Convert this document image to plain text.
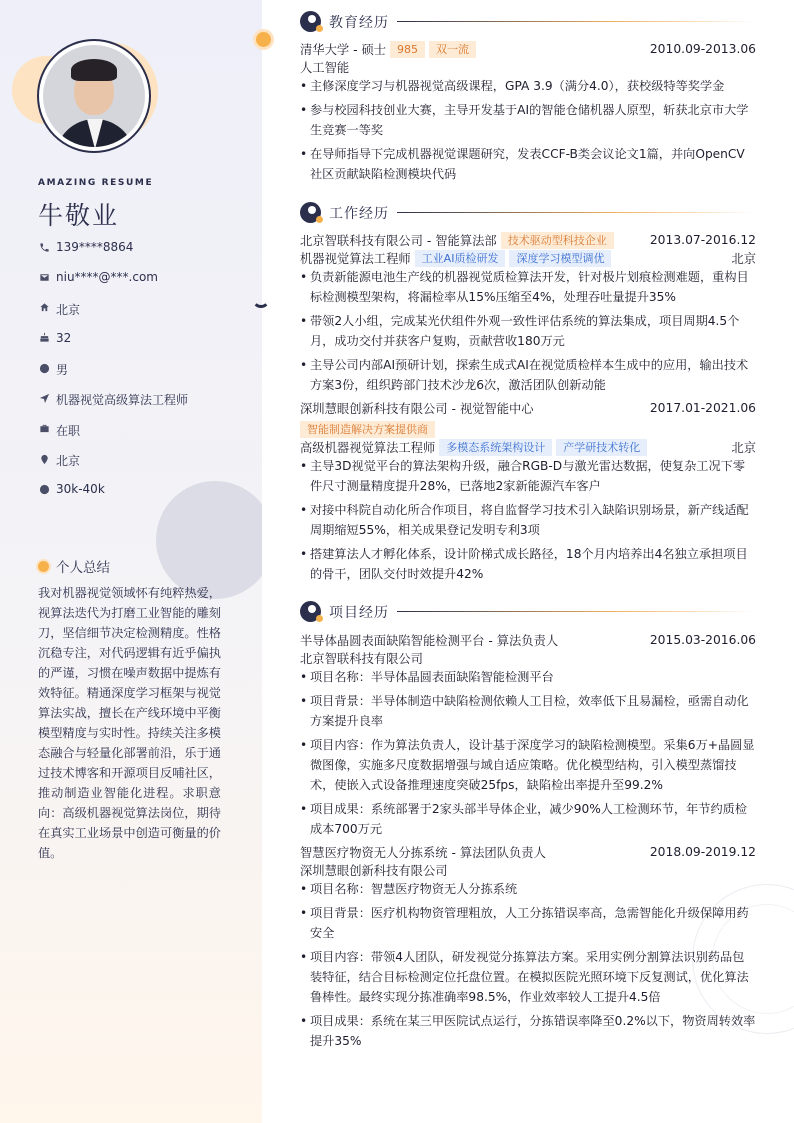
AMAZING RESUME
牛敬业
139****8864
niu****@***.com
北京
32
男
机器视觉高级算法工程师
在职
北京
30k-40k
个人总结
我对机器视觉领域怀有纯粹热爱，视算法迭代为打磨工业智能的雕刻刀，坚信细节决定检测精度。性格沉稳专注，对代码逻辑有近乎偏执的严谨，习惯在噪声数据中提炼有效特征。精通深度学习框架与视觉算法实战，擅长在产线环境中平衡模型精度与实时性。持续关注多模态融合与轻量化部署前沿，乐于通过技术博客和开源项目反哺社区，推动制造业智能化进程。求职意向：高级机器视觉算法岗位，期待在真实工业场景中创造可衡量的价值。
教育经历
清华大学 - 硕士	985	双一流	2010.09-2013.06
人工智能
• 主修深度学习与机器视觉高级课程，GPA 3.9（满分4.0），获校级特等奖学金
• 参与校园科技创业大赛，主导开发基于AI的智能仓储机器人原型，斩获北京市大学生竞赛一等奖
• 在导师指导下完成机器视觉课题研究，发表CCF-B类会议论文1篇，并向OpenCV社区贡献缺陷检测模块代码
工作经历
北京智联科技有限公司 - 智能算法部	技术驱动型科技企业	2013.07-2016.12
机器视觉算法工程师	工业AI质检研发	深度学习模型调优	北京
• 负责新能源电池生产线的机器视觉质检算法开发，针对极片划痕检测难题，重构目标检测模型架构，将漏检率从15%压缩至4%，处理吞吐量提升35%
• 带领2人小组，完成某光伏组件外观一致性评估系统的算法集成，项目周期4.5个月，成功交付并获客户复购，贡献营收180万元
• 主导公司内部AI预研计划，探索生成式AI在视觉质检样本生成中的应用，输出技术方案3份，组织跨部门技术沙龙6次，激活团队创新动能
深圳慧眼创新科技有限公司 - 视觉智能中心	2017.01-2021.06
智能制造解决方案提供商
高级机器视觉算法工程师	多模态系统架构设计	产学研技术转化	北京
• 主导3D视觉平台的算法架构升级，融合RGB-D与激光雷达数据，使复杂工况下零件尺寸测量精度提升28%，已落地2家新能源汽车客户
• 对接中科院自动化所合作项目，将自监督学习技术引入缺陷识别场景，新产线适配周期缩短55%，相关成果登记发明专利3项
• 搭建算法人才孵化体系，设计阶梯式成长路径，18个月内培养出4名独立承担项目的骨干，团队交付时效提升42%
项目经历
半导体晶圆表面缺陷智能检测平台 - 算法负责人	2015.03-2016.06
北京智联科技有限公司
• 项目名称：半导体晶圆表面缺陷智能检测平台
• 项目背景：半导体制造中缺陷检测依赖人工目检，效率低下且易漏检，亟需自动化方案提升良率
• 项目内容：作为算法负责人，设计基于深度学习的缺陷检测模型。采集6万+晶圆显微图像，实施多尺度数据增强与域自适应策略。优化模型结构，引入模型蒸馏技术，使嵌入式设备推理速度突破25fps，缺陷检出率提升至99.2%
• 项目成果：系统部署于2家头部半导体企业，减少90%人工检测环节，年节约质检成本700万元
智慧医疗物资无人分拣系统 - 算法团队负责人	2018.09-2019.12
深圳慧眼创新科技有限公司
• 项目名称：智慧医疗物资无人分拣系统
• 项目背景：医疗机构物资管理粗放，人工分拣错误率高，急需智能化升级保障用药安全
• 项目内容：带领4人团队，研发视觉分拣算法方案。采用实例分割算法识别药品包装特征，结合目标检测定位托盘位置。在模拟医院光照环境下反复测试，优化算法鲁棒性。最终实现分拣准确率98.5%，作业效率较人工提升4.5倍
• 项目成果：系统在某三甲医院试点运行，分拣错误率降至0.2%以下，物资周转效率提升35%
